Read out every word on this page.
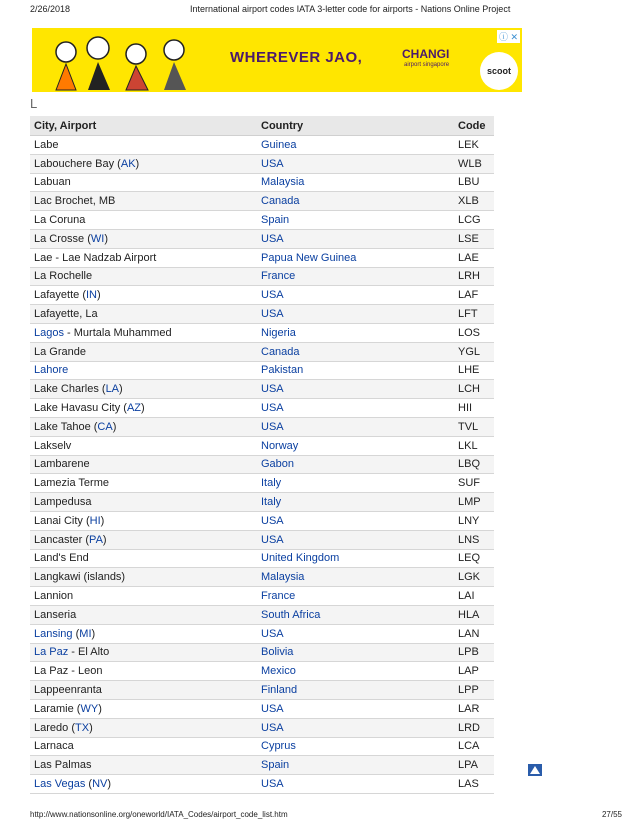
2/26/2018	International airport codes IATA 3-letter code for airports - Nations Online Project
WHEREVER JAO,	CHANGI
airport singapore
scoot
ⓘ ✕
L
City, Airport	Country	Code
Labe	Guinea	LEK
Labouchere Bay (AK)	USA	WLB
Labuan	Malaysia	LBU
Lac Brochet, MB	Canada	XLB
La Coruna	Spain	LCG
La Crosse (WI)	USA	LSE
Lae - Lae Nadzab Airport	Papua New Guinea	LAE
La Rochelle	France	LRH
Lafayette (IN)	USA	LAF
Lafayette, La	USA	LFT
Lagos - Murtala Muhammed	Nigeria	LOS
La Grande	Canada	YGL
Lahore	Pakistan	LHE
Lake Charles (LA)	USA	LCH
Lake Havasu City (AZ)	USA	HII
Lake Tahoe (CA)	USA	TVL
Lakselv	Norway	LKL
Lambarene	Gabon	LBQ
Lamezia Terme	Italy	SUF
Lampedusa	Italy	LMP
Lanai City (HI)	USA	LNY
Lancaster (PA)	USA	LNS
Land's End	United Kingdom	LEQ
Langkawi (islands)	Malaysia	LGK
Lannion	France	LAI
Lanseria	South Africa	HLA
Lansing (MI)	USA	LAN
La Paz - El Alto	Bolivia	LPB
La Paz - Leon	Mexico	LAP
Lappeenranta	Finland	LPP
Laramie (WY)	USA	LAR
Laredo (TX)	USA	LRD
Larnaca	Cyprus	LCA
Las Palmas	Spain	LPA
Las Vegas (NV)	USA	LAS
http://www.nationsonline.org/oneworld/IATA_Codes/airport_code_list.htm	27/55
